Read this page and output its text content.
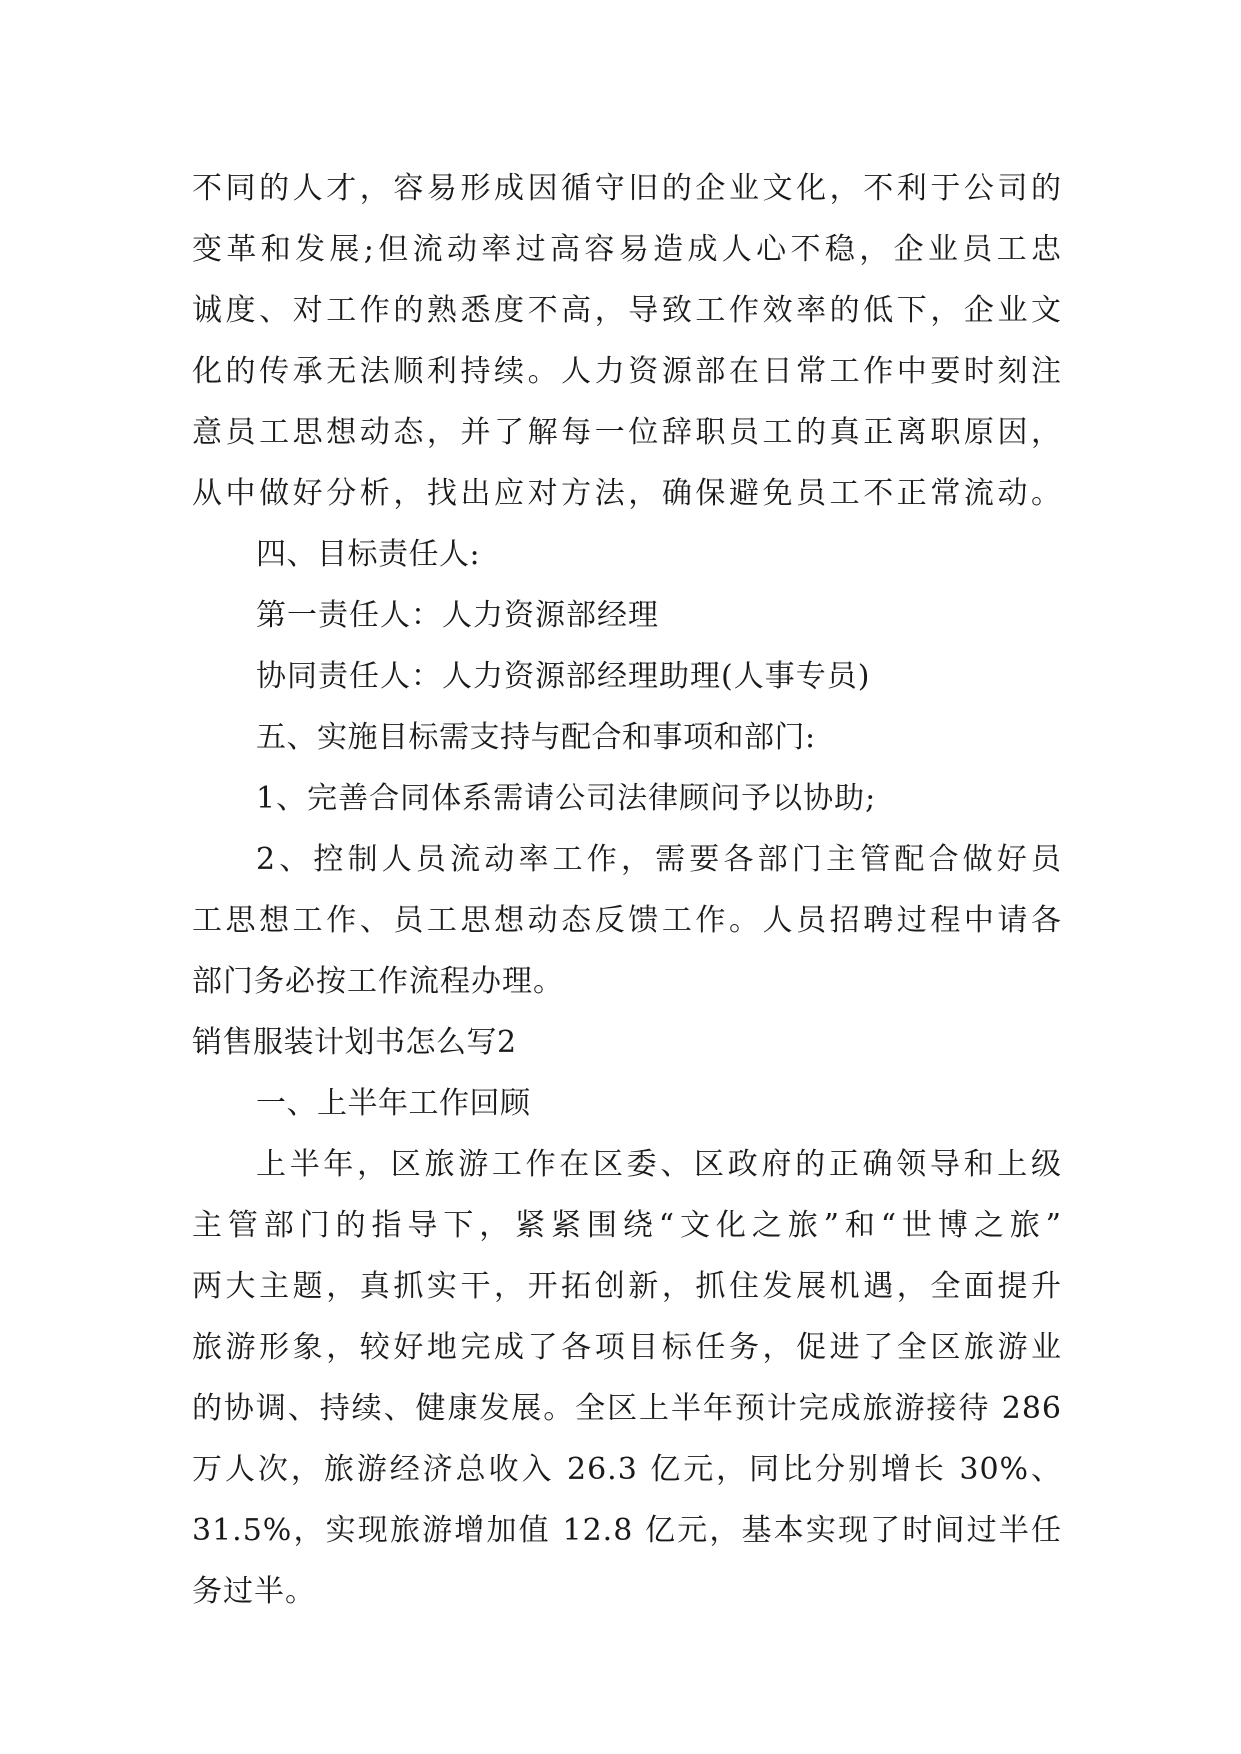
不同的人才，容易形成因循守旧的企业文化，不利于公司的
变革和发展;但流动率过高容易造成人心不稳，企业员工忠
诚度、对工作的熟悉度不高，导致工作效率的低下，企业文
化的传承无法顺利持续。人力资源部在日常工作中要时刻注
意员工思想动态，并了解每一位辞职员工的真正离职原因，
从中做好分析，找出应对方法，确保避免员工不正常流动。
四、目标责任人:
第一责任人：人力资源部经理
协同责任人：人力资源部经理助理(人事专员)
五、实施目标需支持与配合和事项和部门:
1、完善合同体系需请公司法律顾问予以协助;
2、控制人员流动率工作，需要各部门主管配合做好员
工思想工作、员工思想动态反馈工作。人员招聘过程中请各
部门务必按工作流程办理。
销售服装计划书怎么写2
一、上半年工作回顾
上半年，区旅游工作在区委、区政府的正确领导和上级
主管部门的指导下，紧紧围绕“文化之旅”和“世博之旅”
两大主题，真抓实干，开拓创新，抓住发展机遇，全面提升
旅游形象，较好地完成了各项目标任务，促进了全区旅游业
的协调、持续、健康发展。全区上半年预计完成旅游接待 286
万人次，旅游经济总收入 26.3 亿元，同比分别增长 30%、
31.5%，实现旅游增加值 12.8 亿元，基本实现了时间过半任
务过半。
